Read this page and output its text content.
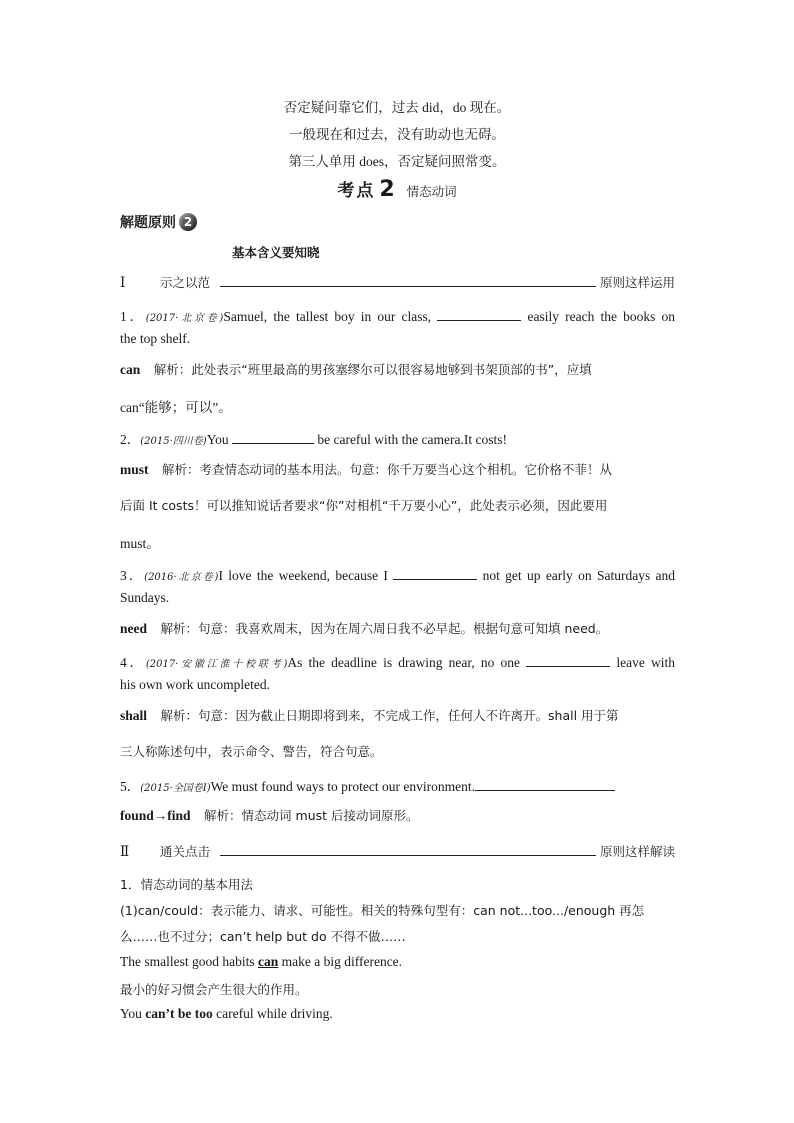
否定疑问靠它们，过去 did，do 现在。
一般现在和过去，没有助动也无碍。
第三人单用 does，否定疑问照常变。
考点 2 情态动词
解题原则 2
基本含义要知晓
Ⅰ	示之以范	原则这样运用
1．(2017·北京卷)Samuel, the tallest boy in our class,	easily reach the books on
the top shelf.
can 解析：此处表示“班里最高的男孩塞缪尔可以很容易地够到书架顶部的书”，应填
can“能够；可以”。
2．(2015·四川卷)You	be careful with the camera.It costs!
must 解析：考查情态动词的基本用法。句意：你千万要当心这个相机。它价格不菲！从
后面 It costs！可以推知说话者要求“你”对相机“千万要小心”，此处表示必须，因此要用
must。
3．(2016·北京卷)I love the weekend, because I	not get up early on Saturdays and
Sundays.
need 解析：句意：我喜欢周末，因为在周六周日我不必早起。根据句意可知填 need。
4．(2017·安徽江淮十校联考)As the deadline is drawing near, no one	leave with
his own work uncompleted.
shall 解析：句意：因为截止日期即将到来，不完成工作，任何人不许离开。shall 用于第
三人称陈述句中，表示命令、警告，符合句意。
5．(2015·全国卷Ⅰ)We must found ways to protect our environment.
found→find 解析：情态动词 must 后接动词原形。
Ⅱ	通关点击	原则这样解读
1．情态动词的基本用法
(1)can/could：表示能力、请求、可能性。相关的特殊句型有：can not...too.../enough 再怎
么……也不过分；can’t help but do 不得不做……
The smallest good habits can make a big difference.
最小的好习惯会产生很大的作用。
You can’t be too careful while driving.
